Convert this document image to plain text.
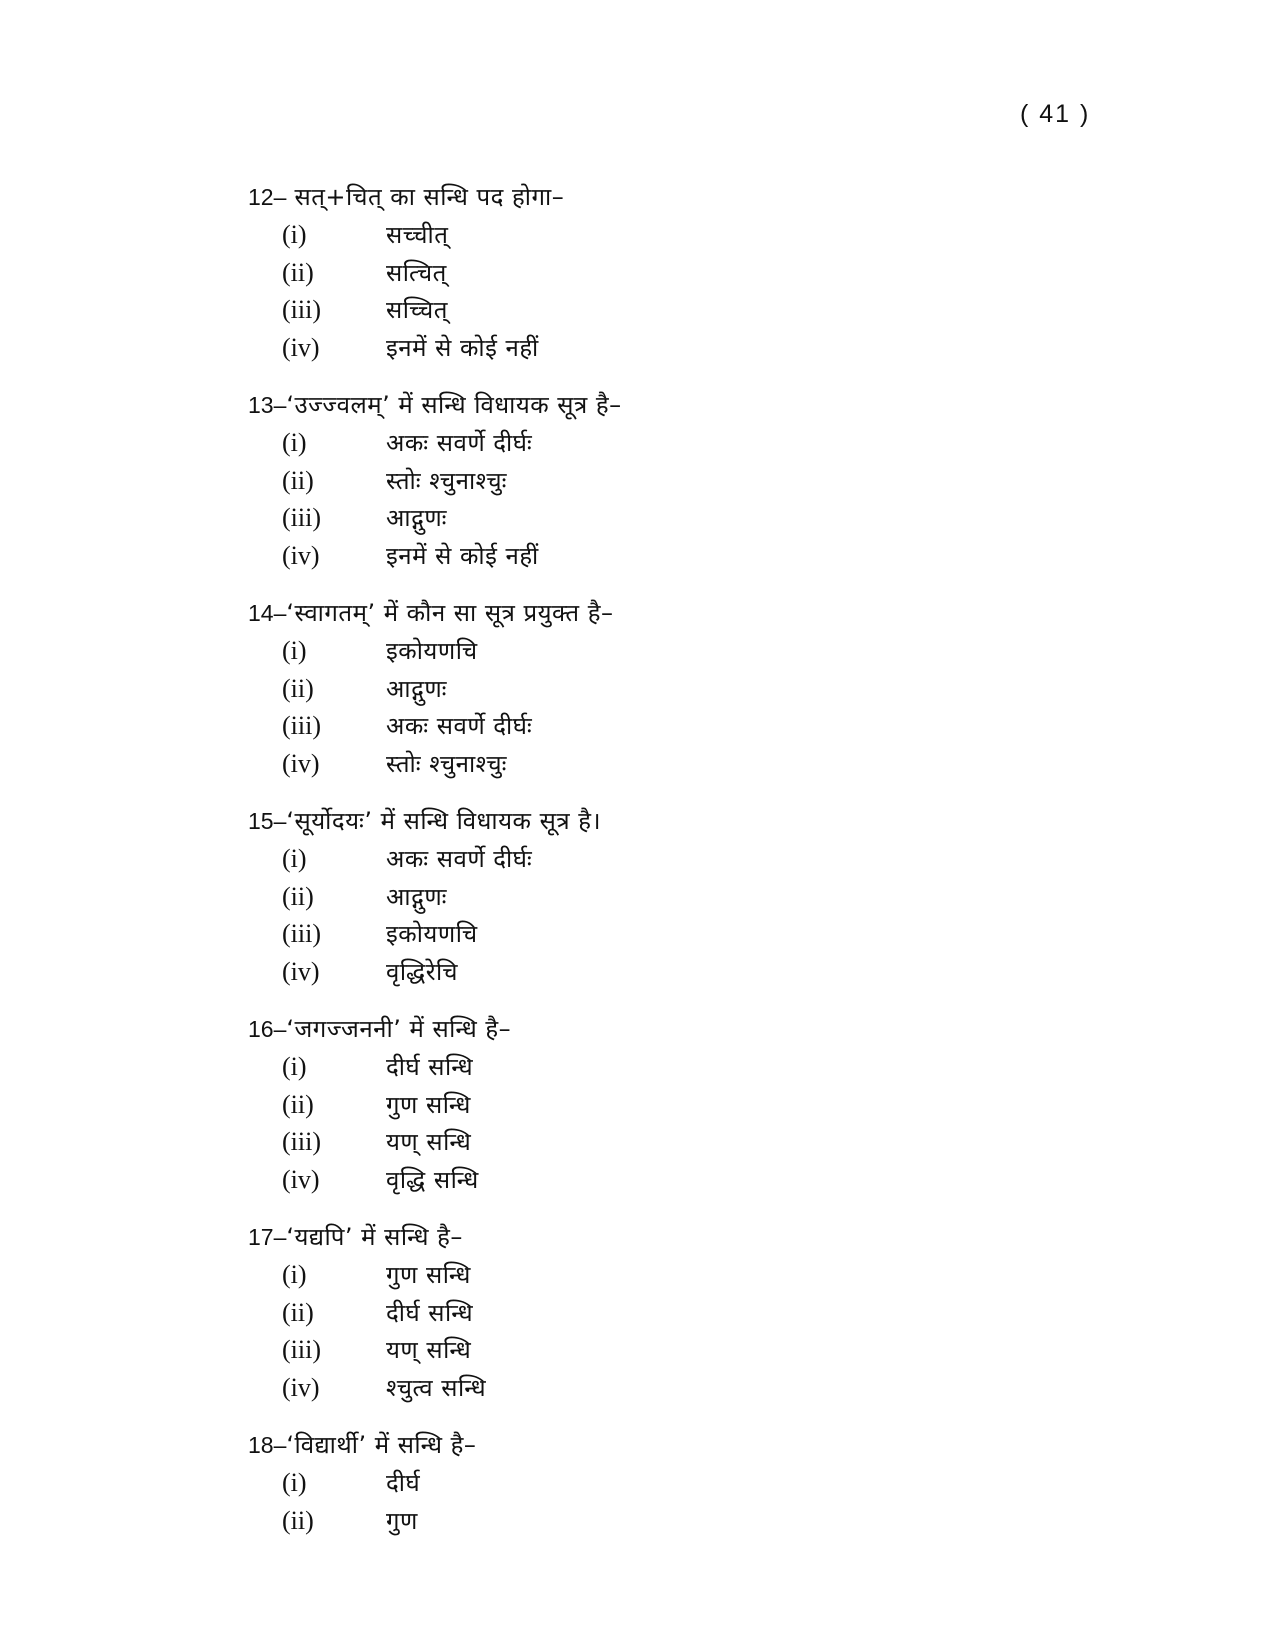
( 41 )
12– सत्+चित् का सन्धि पद होगा–
(i)	सच्चीत्
(ii)	सत्चित्
(iii)	सच्चित्
(iv)	इनमें से कोई नहीं
13–‘उज्ज्वलम्’ में सन्धि विधायक सूत्र है–
(i)	अकः सवर्णे दीर्घः
(ii)	स्तोः श्चुनाश्चुः
(iii)	आद्गुणः
(iv)	इनमें से कोई नहीं
14–‘स्वागतम्’ में कौन सा सूत्र प्रयुक्त है–
(i)	इकोयणचि
(ii)	आद्गुणः
(iii)	अकः सवर्णे दीर्घः
(iv)	स्तोः श्चुनाश्चुः
15–‘सूर्योदयः’ में सन्धि विधायक सूत्र है।
(i)	अकः सवर्णे दीर्घः
(ii)	आद्गुणः
(iii)	इकोयणचि
(iv)	वृद्धिरेचि
16–‘जगज्जननी’ में सन्धि है–
(i)	दीर्घ सन्धि
(ii)	गुण सन्धि
(iii)	यण् सन्धि
(iv)	वृद्धि सन्धि
17–‘यद्यपि’ में सन्धि है–
(i)	गुण सन्धि
(ii)	दीर्घ सन्धि
(iii)	यण् सन्धि
(iv)	श्चुत्व सन्धि
18–‘विद्यार्थी’ में सन्धि है–
(i)	दीर्घ
(ii)	गुण
